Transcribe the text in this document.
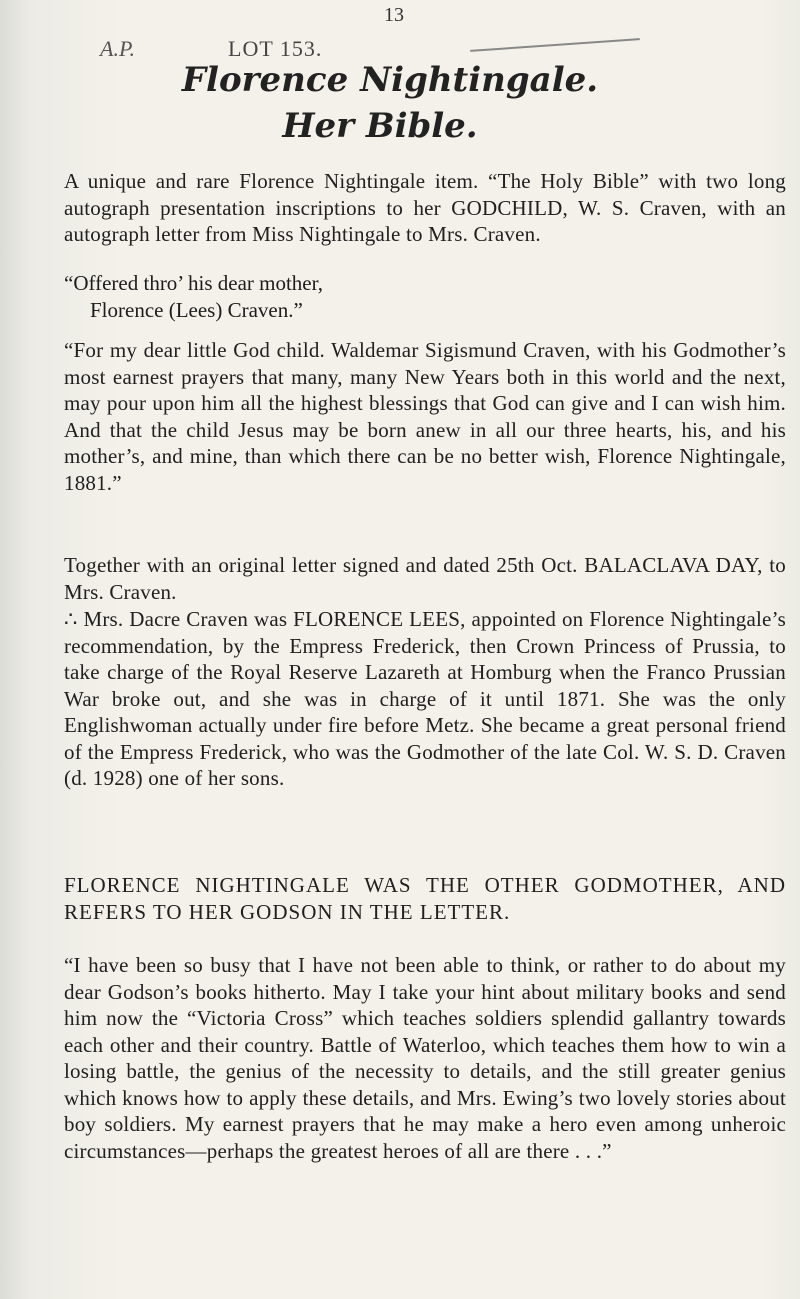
13
A.P.	LOT 153.
Florence Nightingale.
Her Bible.
A unique and rare Florence Nightingale item. “The Holy Bible” with two long autograph presentation inscriptions to her GODCHILD, W. S. Craven, with an autograph letter from Miss Nightingale to Mrs. Craven.
“Offered thro’ his dear mother,
Florence (Lees) Craven.”
“For my dear little God child. Waldemar Sigismund Craven, with his Godmother’s most earnest prayers that many, many New Years both in this world and the next, may pour upon him all the highest blessings that God can give and I can wish him. And that the child Jesus may be born anew in all our three hearts, his, and his mother’s, and mine, than which there can be no better wish, Florence Nightingale, 1881.”
Together with an original letter signed and dated 25th Oct. BALACLAVA DAY, to Mrs. Craven.
∴ Mrs. Dacre Craven was FLORENCE LEES, appointed on Florence Nightingale’s recommendation, by the Empress Frederick, then Crown Princess of Prussia, to take charge of the Royal Reserve Lazareth at Homburg when the Franco Prussian War broke out, and she was in charge of it until 1871. She was the only Englishwoman actually under fire before Metz. She became a great personal friend of the Empress Frederick, who was the Godmother of the late Col. W. S. D. Craven (d. 1928) one of her sons.
FLORENCE NIGHTINGALE WAS THE OTHER GODMOTHER, AND REFERS TO HER GODSON IN THE LETTER.
“I have been so busy that I have not been able to think, or rather to do about my dear Godson’s books hitherto. May I take your hint about military books and send him now the “Victoria Cross” which teaches soldiers splendid gallantry towards each other and their country. Battle of Waterloo, which teaches them how to win a losing battle, the genius of the necessity to details, and the still greater genius which knows how to apply these details, and Mrs. Ewing’s two lovely stories about boy soldiers. My earnest prayers that he may make a hero even among unheroic circumstances—perhaps the greatest heroes of all are there . . .”
